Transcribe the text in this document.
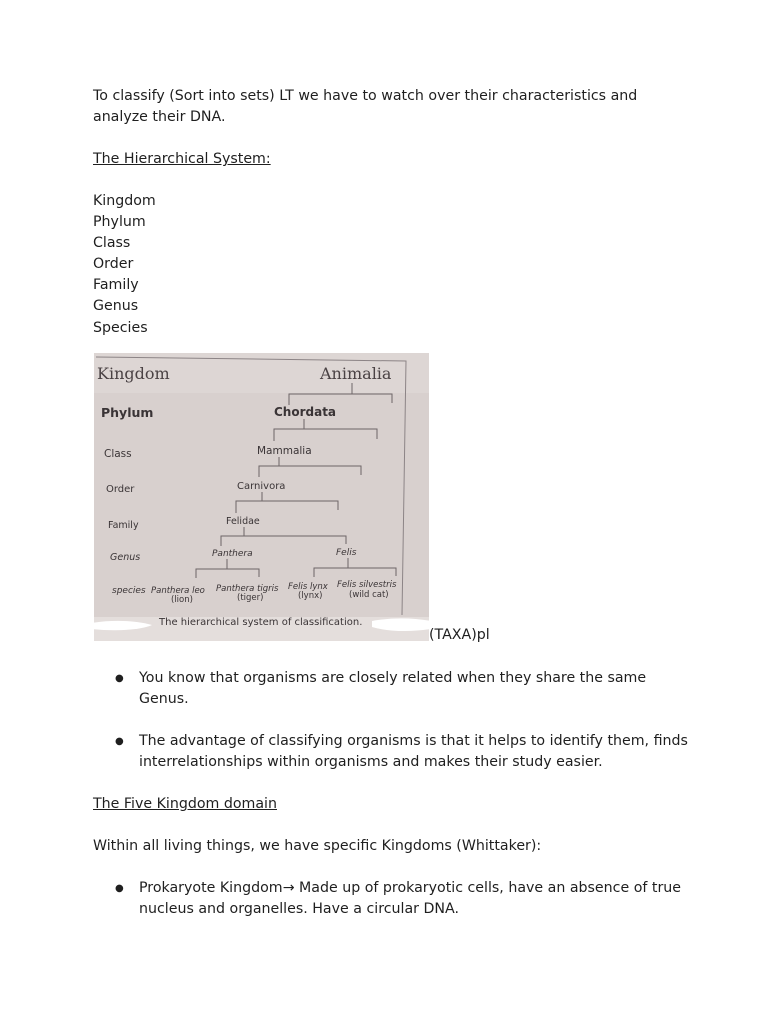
To classify (Sort into sets) LT we have to watch over their characteristics and analyze their DNA.

The Hierarchical System:

Kingdom
Phylum
Class
Order
Family
Genus
Species
Kingdom
Phylum
Class
Order
Family
Genus
species
Animalia
Chordata
Mammalia
Carnivora
Felidae
Panthera	Felis
Panthera leo
(lion)
Panthera tigris
(tiger)
Felis lynx
(lynx)
Felis silvestris
(wild cat)
The hierarchical system of classification.
(TAXA)pl
● You know that organisms are closely related when they share the same Genus.
● The advantage of classifying organisms is that it helps to identify them, finds interrelationships within organisms and makes their study easier.

The Five Kingdom domain

Within all living things, we have specific Kingdoms (Whittaker):

● Prokaryote Kingdom→ Made up of prokaryotic cells, have an absence of true nucleus and organelles. Have a circular DNA.
